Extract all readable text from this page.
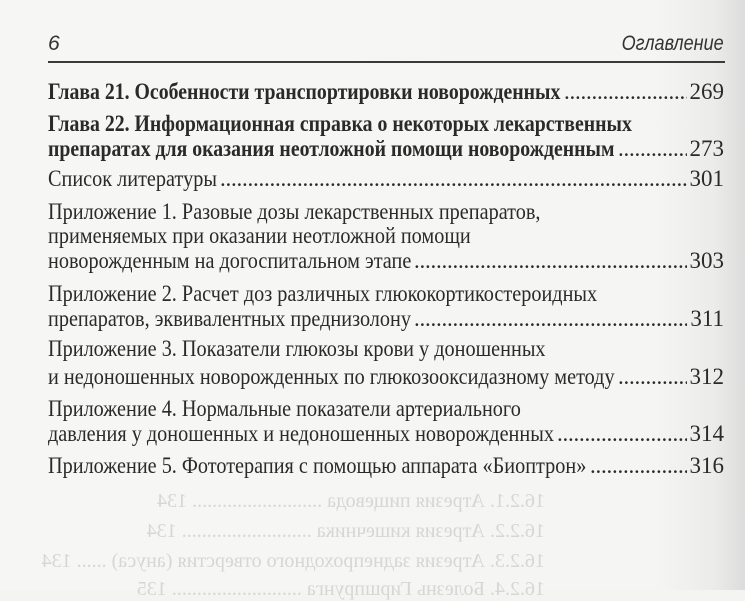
16.2.1. Атрезия пищевода .......................... 134
16.2.2. Атрезия кишечника .......................... 134
16.2.3. Атрезия заднепроходного отверстия (ануса) ...... 134
16.2.4. Болезнь Гиршпрунга .......................... 135
6	Оглавление
Глава 21. Особенности транспортировки новорожденных . . .	269
Глава 22. Информационная справка о некоторых лекарственных
препаратах для оказания неотложной помощи новорожденным . . .	273
Список литературы . . .	301
Приложение 1. Разовые дозы лекарственных препаратов,
применяемых при оказании неотложной помощи
новорожденным на догоспитальном этапе . . .	303
Приложение 2. Расчет доз различных глюкокортикостероидных
препаратов, эквивалентных преднизолону . . .	311
Приложение 3. Показатели глюкозы крови у доношенных
и недоношенных новорожденных по глюкозооксидазному методу . . .	312
Приложение 4. Нормальные показатели артериального
давления у доношенных и недоношенных новорожденных . . .	314
Приложение 5. Фототерапия с помощью аппарата «Биоптрон» . . .	316
